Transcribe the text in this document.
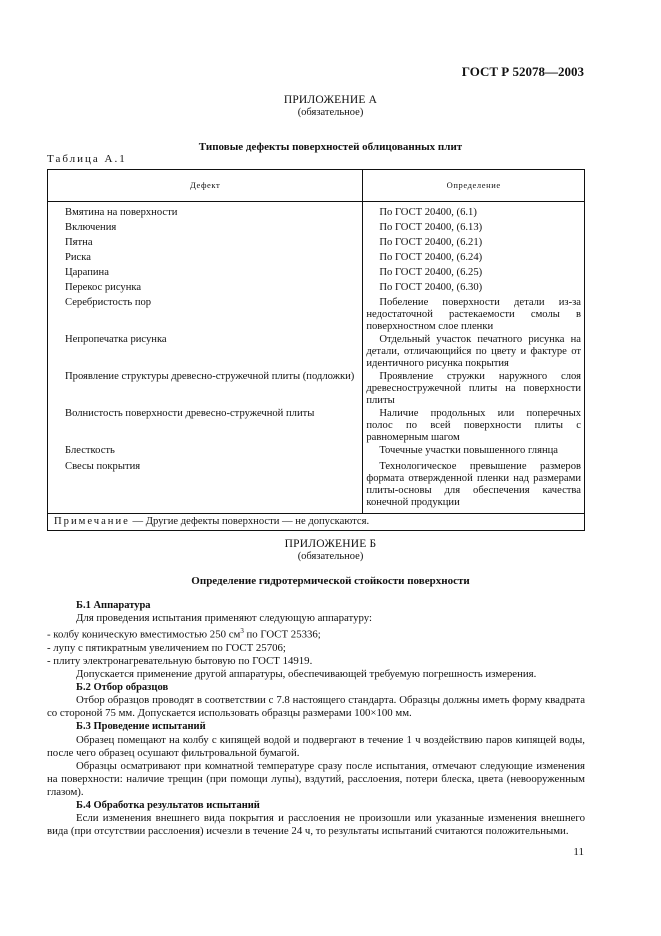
ГОСТ Р 52078—2003
ПРИЛОЖЕНИЕ А
(обязательное)
Типовые дефекты поверхностей облицованных плит
Таблица А.1
Дефект	Определение

Вмятина на поверхности	По ГОСТ 20400, (6.1)

Включения	По ГОСТ 20400, (6.13)

Пятна	По ГОСТ 20400, (6.21)

Риска	По ГОСТ 20400, (6.24)

Царапина	По ГОСТ 20400, (6.25)

Перекос рисунка	По ГОСТ 20400, (6.30)

Серебристость пор	Побеление поверхности детали из-за недостаточной растекаемости смолы в поверхностном слое пленки

Непропечатка рисунка	Отдельный участок печатного рисунка на детали, отличающийся по цвету и фактуре от идентичного рисунка покрытия

Проявление структуры древесно-стружечной плиты (подложки)	Проявление стружки наружного слоя древесностружечной плиты на поверхности плиты

Волнистость поверхности древесно-стружечной плиты	Наличие продольных или поперечных полос по всей поверхности плиты с равномерным шагом

Блесткость	Точечные участки повышенного глянца

Свесы покрытия	Технологическое превышение размеров формата отвержденной пленки над размерами плиты-основы для обеспечения качества конечной продукции

Примечание — Другие дефекты поверхности — не допускаются.	
ПРИЛОЖЕНИЕ Б
(обязательное)
Определение гидротермической стойкости поверхности

Б.1 Аппаратура

Для проведения испытания применяют следующую аппаратуру:

- колбу коническую вместимостью 250 $см^3$ по ГОСТ 25336;

- лупу с пятикратным увеличением по ГОСТ 25706;

- плиту электронагревательную бытовую по ГОСТ 14919.

Допускается применение другой аппаратуры, обеспечивающей требуемую погрешность измерения.

Б.2 Отбор образцов

Отбор образцов проводят в соответствии с 7.8 настоящего стандарта. Образцы должны иметь форму квадрата со стороной 75 мм. Допускается использовать образцы размерами 100×100 мм.

Б.3 Проведение испытаний

Образец помещают на колбу с кипящей водой и подвергают в течение 1 ч воздействию паров кипящей воды, после чего образец осушают фильтровальной бумагой.

Образцы осматривают при комнатной температуре сразу после испытания, отмечают следующие изменения на поверхности: наличие трещин (при помощи лупы), вздутий, расслоения, потери блеска, цвета (невооруженным глазом).

Б.4 Обработка результатов испытаний

Если изменения внешнего вида покрытия и расслоения не произошли или указанные изменения внешнего вида (при отсутствии расслоения) исчезли в течение 24 ч, то результаты испытаний считаются положительными.

11
